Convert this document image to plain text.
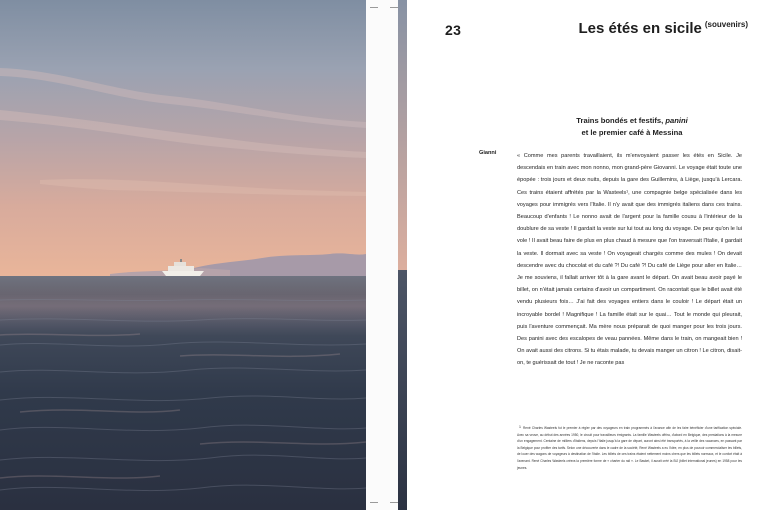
23	Les étés en sicile $^{(souvenirs)}$
Trains bondés et festifs, panini
et le premier café à Messina
Gianni	« Comme mes parents travaillaient, ils m'envoyaient passer les étés en Sicile. Je descendais en train avec mon nonno, mon grand-père Giovanni. Le voyage était toute une épopée : trois jours et deux nuits, depuis la gare des Guillemins, à Liège, jusqu'à Lercara. Ces trains étaient affrétés par la Wasteels¹, une compagnie belge spécialisée dans les voyages pour immigrés vers l'Italie. Il n'y avait que des immigrés italiens dans ces trains. Beaucoup d'enfants ! Le nonno avait de l'argent pour la famille cousu à l'intérieur de la doublure de sa veste ! Il gardait la veste sur lui tout au long du voyage. De peur qu'on le lui vole ! Il avait beau faire de plus en plus chaud à mesure que l'on traversait l'Italie, il gardait la veste. Il dormait avec sa veste ! On voyageait chargés comme des mules ! On devait descendre avec du chocolat et du café ?! Du café ?! Du café de Liège pour aller en Italie… Je me souviens, il fallait arriver tôt à la gare avant le départ. On avait beau avoir payé le billet, on n'était jamais certains d'avoir un compartiment. On racontait que le billet avait été vendu plusieurs fois… J'ai fait des voyages entiers dans le couloir ! Le départ était un incroyable bordel ! Magnifique ! La famille était sur le quai… Tout le monde qui pleurait, puis l'aventure commençait. Ma mère nous préparait de quoi manger pour les trois jours. Des panini avec des escalopes de veau pannées. Même dans le train, on mangeait bien ! On avait aussi des citrons. Si tu étais malade, tu devais manger un citron ! Le citron, disait-on, te guérissait de tout ! Je ne raconte pas

1 René Charles Wasteels fut le premier à régler par des voyageurs en train programmés à l'avance afin de les faire bénéficier d'une tarification spéciale. Avec sa veuve, au début des années 1950, le circuit pour travailleurs émigrants. La famille Wasteels offrira, d'abord en Belgique, des prestations à la mesure d'un engagement. Centaine de milliers d'Italiens, depuis l'Italie jusqu'à la gare de départ, auront ainsi été transportés, à la veille des vacances, en passant par la Belgique pour profiter des tarifs. Selon une découverte dans le cadre de la société, René Wasteels a eu l'idée, en plus de pouvoir commercialiser les billets, de louer des wagons de voyageurs à destination de l'Italie. Les billets de ces trains étaient nettement moins chers que les billets normaux, et le confort était à l'avenant. René Charles Wasteels créera la première forme de « charter du rail ». Le Basket, il aurait créé la BIJ (billet international jeunes) en 1958 pour les jeunes.
